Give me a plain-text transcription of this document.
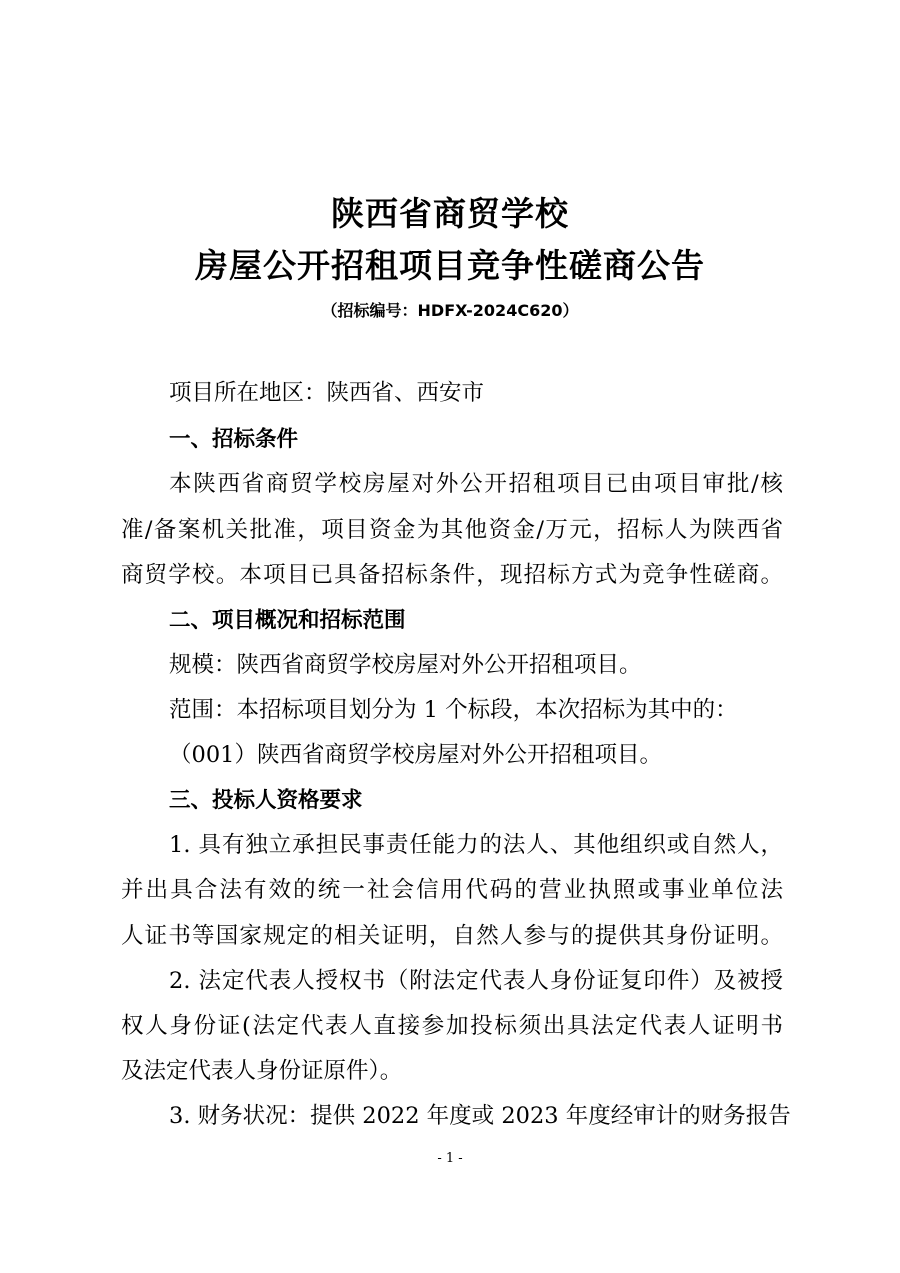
陕西省商贸学校
房屋公开招租项目竞争性磋商公告
（招标编号：HDFX-2024C620）
项目所在地区：陕西省、西安市
一、招标条件
本陕西省商贸学校房屋对外公开招租项目已由项目审批/核
准/备案机关批准，项目资金为其他资金/万元，招标人为陕西省
商贸学校。本项目已具备招标条件，现招标方式为竞争性磋商。
二、项目概况和招标范围
规模：陕西省商贸学校房屋对外公开招租项目。
范围：本招标项目划分为 1 个标段，本次招标为其中的：
（001）陕西省商贸学校房屋对外公开招租项目。
三、投标人资格要求
1. 具有独立承担民事责任能力的法人、其他组织或自然人，
并出具合法有效的统一社会信用代码的营业执照或事业单位法
人证书等国家规定的相关证明，自然人参与的提供其身份证明。
2. 法定代表人授权书（附法定代表人身份证复印件）及被授
权人身份证(法定代表人直接参加投标须出具法定代表人证明书
及法定代表人身份证原件）。
3. 财务状况：提供 2022 年度或 2023 年度经审计的财务报告
- 1 -
